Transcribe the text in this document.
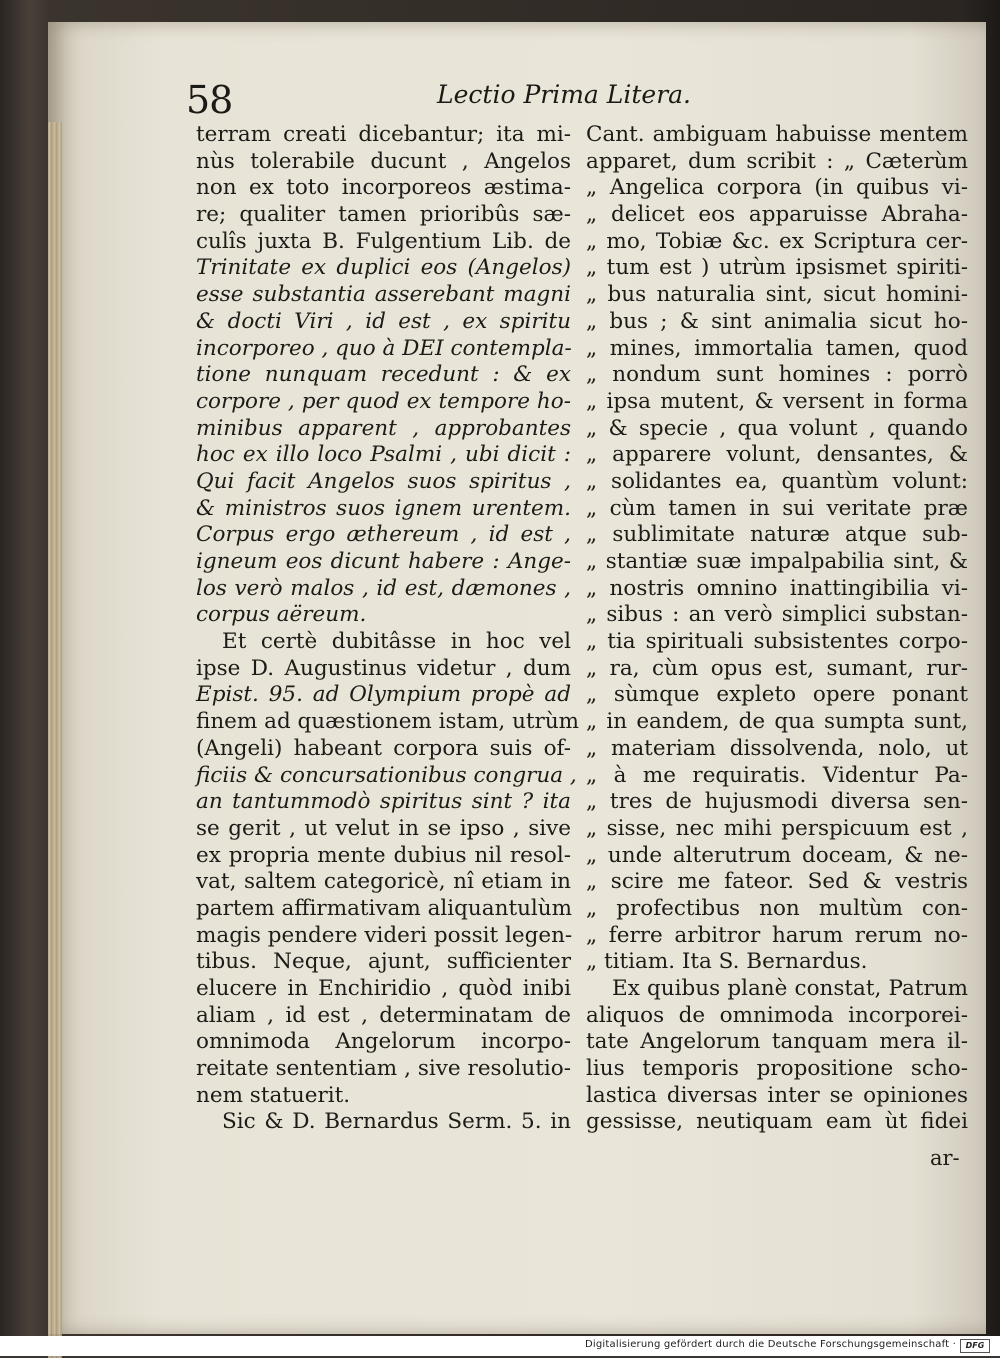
58	Lectio Prima Litera.
terram creati dicebantur; ita mi-
nùs tolerabile ducunt , Angelos
non ex toto incorporeos æstima-
re; qualiter tamen prioribûs sæ-
culîs juxta B. Fulgentium Lib. de
Trinitate ex duplici eos (Angelos)
esse substantia asserebant magni
& docti Viri , id est , ex spiritu
incorporeo , quo à DEI contempla-
tione nunquam recedunt : & ex
corpore , per quod ex tempore ho-
minibus apparent , approbantes
hoc ex illo loco Psalmi , ubi dicit :
Qui facit Angelos suos spiritus ,
& ministros suos ignem urentem.
Corpus ergo æthereum , id est ,
igneum eos dicunt habere : Ange-
los verò malos , id est, dæmones ,
corpus aëreum.
Et certè dubitâsse in hoc vel
ipse D. Augustinus videtur , dum
Epist. 95. ad Olympium propè ad
finem ad quæstionem istam, utrùm
(Angeli) habeant corpora suis of-
ficiis & concursationibus congrua ,
an tantummodò spiritus sint ? ita
se gerit , ut velut in se ipso , sive
ex propria mente dubius nil resol-
vat, saltem categoricè, nî etiam in
partem affirmativam aliquantulùm
magis pendere videri possit legen-
tibus. Neque, ajunt, sufficienter
elucere in Enchiridio , quòd inibi
aliam , id est , determinatam de
omnimoda Angelorum incorpo-
reitate sententiam , sive resolutio-
nem statuerit.
Sic & D. Bernardus Serm. 5. in
Cant. ambiguam habuisse mentem
apparet, dum scribit : „ Cæterùm
„ Angelica corpora (in quibus vi-
„ delicet eos apparuisse Abraha-
„ mo, Tobiæ &c. ex Scriptura cer-
„ tum est ) utrùm ipsismet spiriti-
„ bus naturalia sint, sicut homini-
„ bus ; & sint animalia sicut ho-
„ mines, immortalia tamen, quod
„ nondum sunt homines : porrò
„ ipsa mutent, & versent in forma
„ & specie , qua volunt , quando
„ apparere volunt, densantes, &
„ solidantes ea, quantùm volunt:
„ cùm tamen in sui veritate præ
„ sublimitate naturæ atque sub-
„ stantiæ suæ impalpabilia sint, &
„ nostris omnino inattingibilia vi-
„ sibus : an verò simplici substan-
„ tia spirituali subsistentes corpo-
„ ra, cùm opus est, sumant, rur-
„ sùmque expleto opere ponant
„ in eandem, de qua sumpta sunt,
„ materiam dissolvenda, nolo, ut
„ à me requiratis. Videntur Pa-
„ tres de hujusmodi diversa sen-
„ sisse, nec mihi perspicuum est ,
„ unde alterutrum doceam, & ne-
„ scire me fateor. Sed & vestris
„ profectibus non multùm con-
„ ferre arbitror harum rerum no-
„ titiam. Ita S. Bernardus.
Ex quibus planè constat, Patrum
aliquos de omnimoda incorporei-
tate Angelorum tanquam mera il-
lius temporis propositione scho-
lastica diversas inter se opiniones
gessisse, neutiquam eam ùt fidei
ar-
Digitalisierung gefördert durch die Deutsche Forschungsgemeinschaft ·	DFG
